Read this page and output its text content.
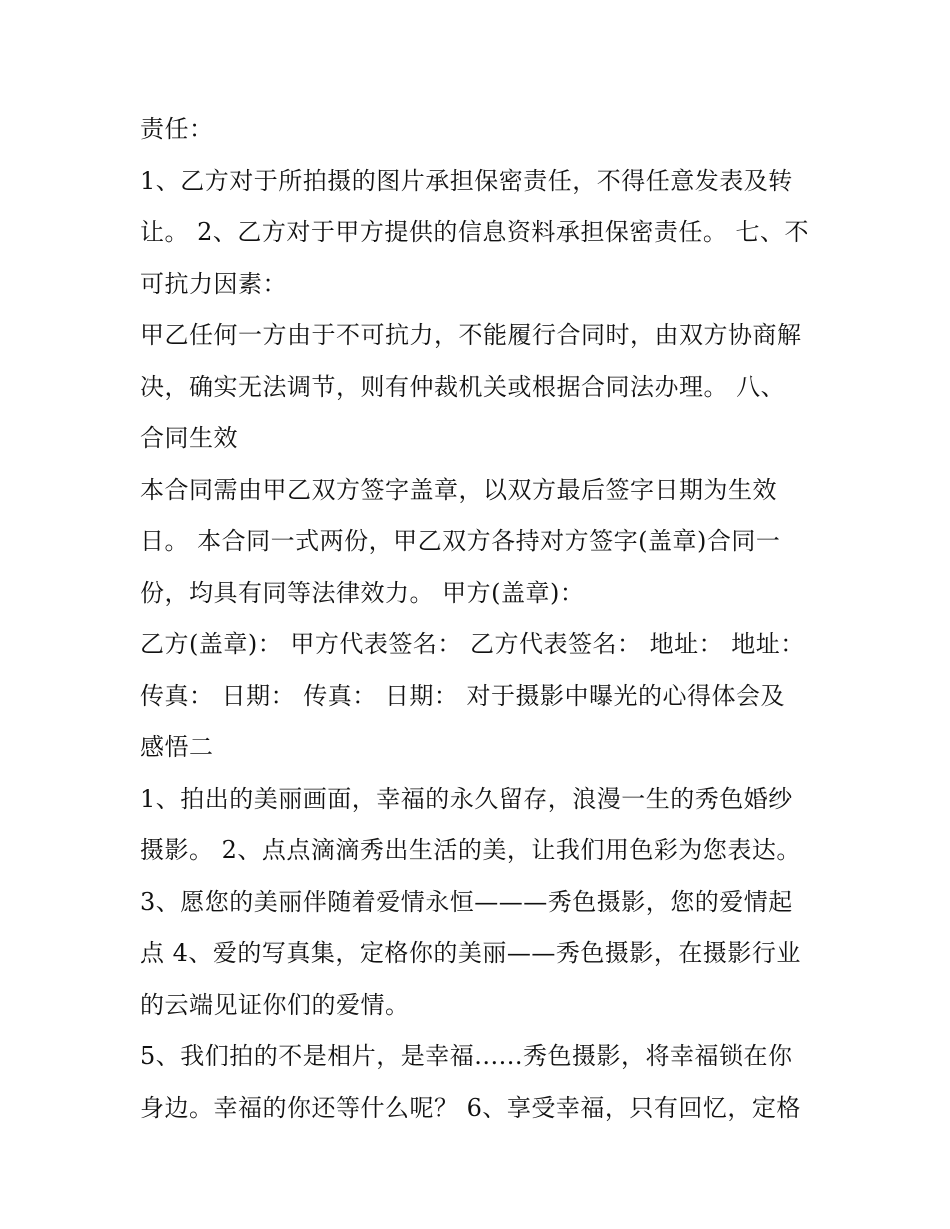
责任：
1、乙方对于所拍摄的图片承担保密责任，不得任意发表及转
让。 2、乙方对于甲方提供的信息资料承担保密责任。 七、不
可抗力因素：
甲乙任何一方由于不可抗力，不能履行合同时，由双方协商解
决，确实无法调节，则有仲裁机关或根据合同法办理。 八、
合同生效
本合同需由甲乙双方签字盖章，以双方最后签字日期为生效
日。 本合同一式两份，甲乙双方各持对方签字(盖章)合同一
份，均具有同等法律效力。 甲方(盖章)：
乙方(盖章)： 甲方代表签名： 乙方代表签名： 地址： 地址：
传真： 日期： 传真： 日期： 对于摄影中曝光的心得体会及
感悟二
1、拍出的美丽画面，幸福的永久留存，浪漫一生的秀色婚纱
摄影。 2、点点滴滴秀出生活的美，让我们用色彩为您表达。
3、愿您的美丽伴随着爱情永恒———秀色摄影，您的爱情起
点 4、爱的写真集，定格你的美丽——秀色摄影，在摄影行业
的云端见证你们的爱情。
5、我们拍的不是相片，是幸福......秀色摄影，将幸福锁在你
身边。幸福的你还等什么呢？ 6、享受幸福，只有回忆，定格
